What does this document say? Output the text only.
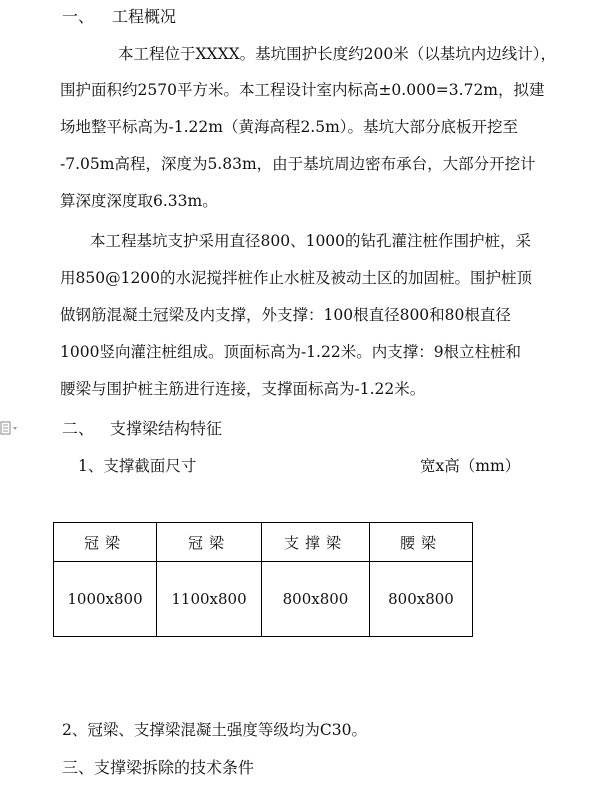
一、 工程概况
本工程位于XXXX。基坑围护长度约200米（以基坑内边线计），
围护面积约2570平方米。本工程设计室内标高±0.000=3.72m，拟建
场地整平标高为-1.22m（黄海高程2.5m）。基坑大部分底板开挖至
-7.05m高程，深度为5.83m，由于基坑周边密布承台，大部分开挖计
算深度深度取6.33m。
本工程基坑支护采用直径800、1000的钻孔灌注桩作围护桩，采
用850@1200的水泥搅拌桩作止水桩及被动土区的加固桩。围护桩顶
做钢筋混凝土冠梁及内支撑，外支撑：100根直径800和80根直径
1000竖向灌注桩组成。顶面标高为-1.22米。内支撑：9根立柱桩和
腰梁与围护桩主筋进行连接，支撑面标高为-1.22米。
二、 支撑梁结构特征
1、支撑截面尺寸	宽x高（mm）
冠梁	冠梁	支撑梁	腰梁
1000x800	1100x800	800x800	800x800
2、冠梁、支撑梁混凝土强度等级均为C30。
三、支撑梁拆除的技术条件
